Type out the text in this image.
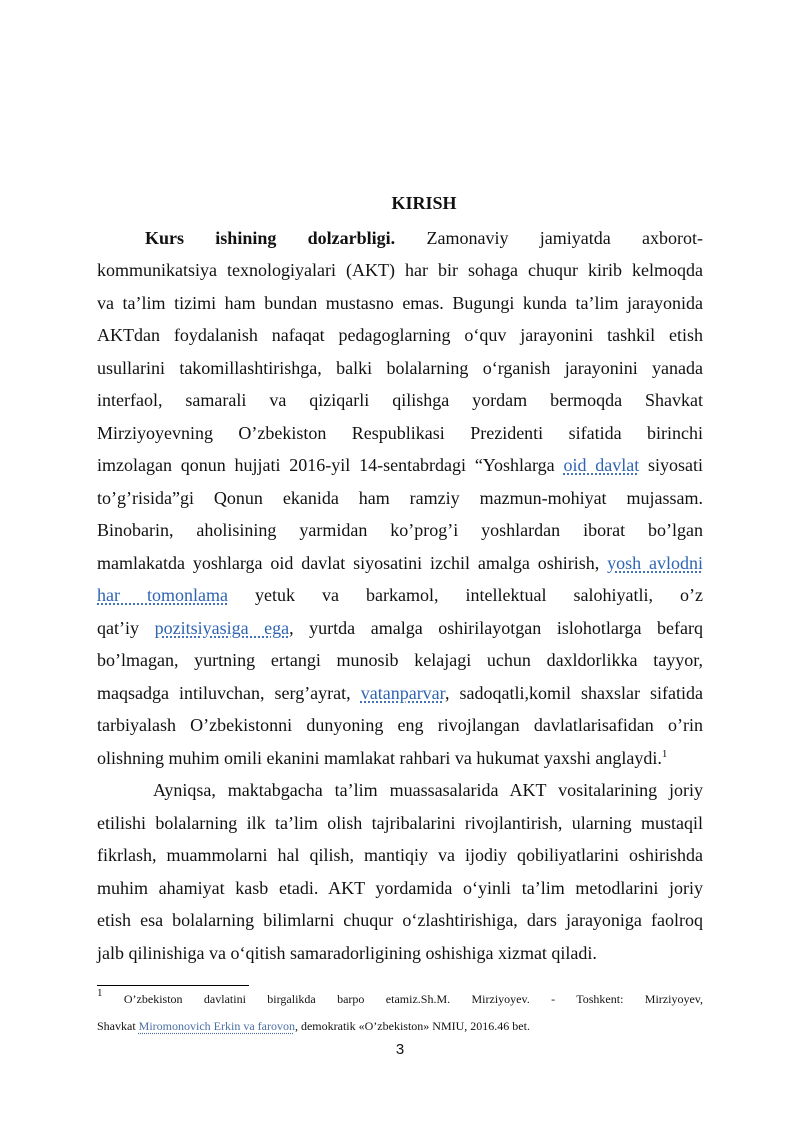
KIRISH
Kurs ishining dolzarbligi. Zamonaviy jamiyatda axborot-
kommunikatsiya texnologiyalari (AKT) har bir sohaga chuqur kirib kelmoqda
va ta’lim tizimi ham bundan mustasno emas. Bugungi kunda ta’lim jarayonida
AKTdan foydalanish nafaqat pedagoglarning o‘quv jarayonini tashkil etish
usullarini takomillashtirishga, balki bolalarning o‘rganish jarayonini yanada
interfaol, samarali va qiziqarli qilishga yordam bermoqda Shavkat
Mirziyoyevning O’zbekiston Respublikasi Prezidenti sifatida birinchi
imzolagan qonun hujjati 2016-yil 14-sentabrdagi “Yoshlarga oid davlat siyosati
to’g’risida”gi Qonun ekanida ham ramziy mazmun-mohiyat mujassam.
Binobarin, aholisining yarmidan ko’prog’i yoshlardan iborat bo’lgan
mamlakatda yoshlarga oid davlat siyosatini izchil amalga oshirish, yosh avlodni
har tomonlama yetuk va barkamol, intellektual salohiyatli, o’z
qat’iy pozitsiyasiga ega, yurtda amalga oshirilayotgan islohotlarga befarq
bo’lmagan, yurtning ertangi munosib kelajagi uchun daxldorlikka tayyor,
maqsadga intiluvchan, serg’ayrat, vatanparvar, sadoqatli,komil shaxslar sifatida
tarbiyalash O’zbekistonni dunyoning eng rivojlangan davlatlarisafidan o’rin
olishning muhim omili ekanini mamlakat rahbari va hukumat yaxshi anglaydi.$^1$
Ayniqsa, maktabgacha ta’lim muassasalarida AKT vositalarining joriy
etilishi bolalarning ilk ta’lim olish tajribalarini rivojlantirish, ularning mustaqil
fikrlash, muammolarni hal qilish, mantiqiy va ijodiy qobiliyatlarini oshirishda
muhim ahamiyat kasb etadi. AKT yordamida o‘yinli ta’lim metodlarini joriy
etish esa bolalarning bilimlarni chuqur o‘zlashtirishiga, dars jarayoniga faolroq
jalb qilinishiga va o‘qitish samaradorligining oshishiga xizmat qiladi.
$^1$ O’zbekiston davlatini birgalikda barpo etamiz.Sh.M. Mirziyoyev. - Toshkent: Mirziyoyev,
Shavkat Miromonovich Erkin va farovon, demokratik «O’zbekiston» NMIU, 2016.46 bet.
3
